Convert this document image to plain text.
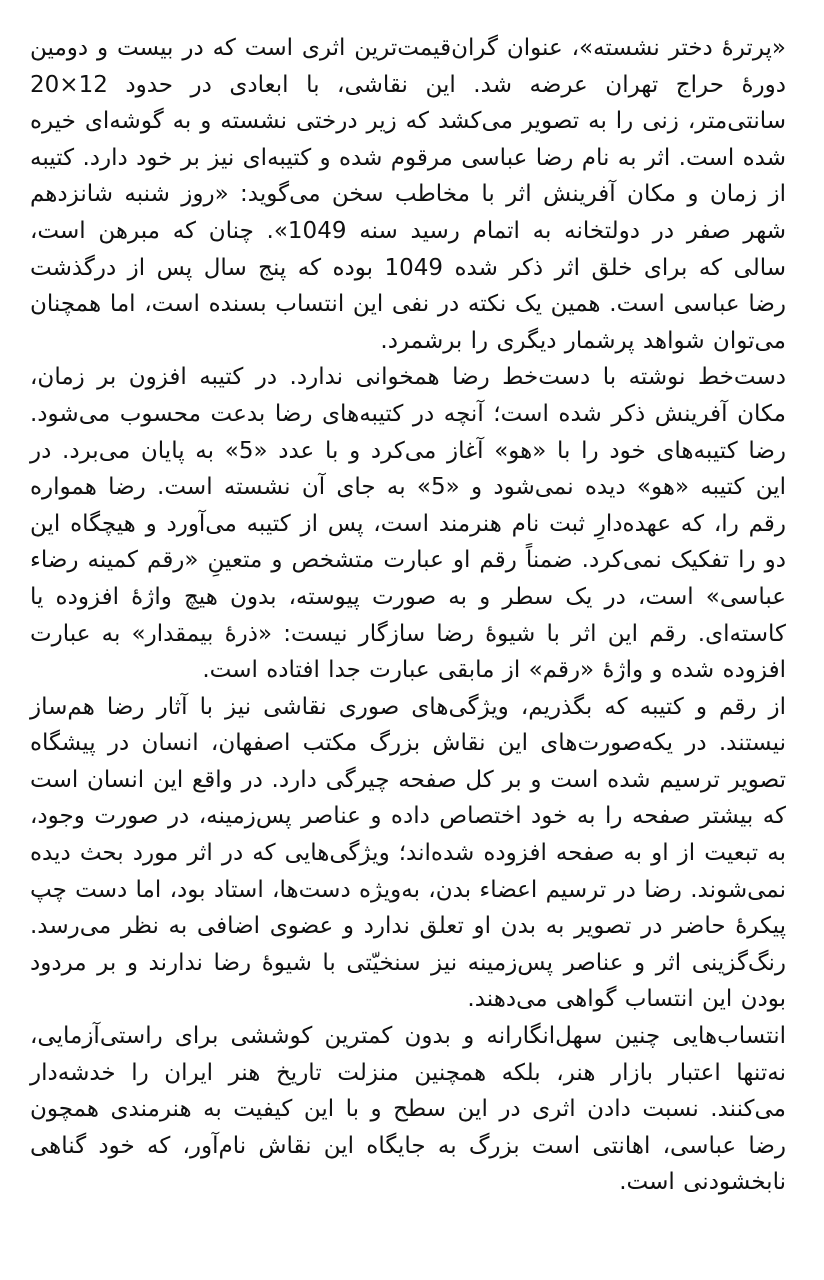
«پرترهٔ دختر نشسته»، عنوان گران‌قیمت‌ترین اثری است که در بیست و دومین دورهٔ حراج تهران عرضه شد. این نقاشی، با ابعادی در حدود 12×20 سانتی‌متر، زنی را به تصویر می‌کشد که زیر درختی نشسته و به گوشه‌ای خیره شده است. اثر به نام رضا عباسی مرقوم شده و کتیبه‌ای نیز بر خود دارد. کتیبه از زمان و مکان آفرینش اثر با مخاطب سخن می‌گوید: «روز شنبه شانزدهم شهر صفر در دولتخانه به اتمام رسید سنه 1049». چنان که مبرهن است، سالی که برای خلق اثر ذکر شده 1049 بوده که پنج سال پس از درگذشت رضا عباسی است. همین یک نکته در نفی این انتساب بسنده است، اما همچنان می‌توان شواهد پرشمار دیگری را برشمرد.

دست‌خط نوشته با دست‌خط رضا همخوانی ندارد. در کتیبه افزون بر زمان، مکان آفرینش ذکر شده است؛ آنچه در کتیبه‌های رضا بدعت محسوب می‌شود. رضا کتیبه‌های خود را با «هو» آغاز می‌کرد و با عدد «5» به پایان می‌برد. در این کتیبه «هو» دیده نمی‌شود و «5» به جای آن نشسته است. رضا همواره رقم را، که عهده‌دارِ ثبت نام هنرمند است، پس از کتیبه می‌آورد و هیچگاه این دو را تفکیک نمی‌کرد. ضمناً رقم او عبارت متشخص و متعینِ «رقم کمینه رضاء عباسی» است، در یک سطر و به صورت پیوسته، بدون هیچ واژهٔ افزوده یا کاسته‌ای. رقم این اثر با شیوهٔ رضا سازگار نیست: «ذرهٔ بیمقدار» به عبارت افزوده شده و واژهٔ «رقم» از مابقی عبارت جدا افتاده است.

از رقم و کتیبه که بگذریم، ویژگی‌های صوری نقاشی نیز با آثار رضا هم‌ساز نیستند. در یکه‌صورت‌های این نقاش بزرگ مکتب اصفهان، انسان در پیشگاه تصویر ترسیم شده است و بر کل صفحه چیرگی دارد. در واقع این انسان است که بیشتر صفحه را به خود اختصاص داده و عناصر پس‌زمینه، در صورت وجود، به تبعیت از او به صفحه افزوده شده‌اند؛ ویژگی‌هایی که در اثر مورد بحث دیده نمی‌شوند. رضا در ترسیم اعضاء بدن، به‌ویژه دست‌ها، استاد بود، اما دست چپ پیکرهٔ حاضر در تصویر به بدن او تعلق ندارد و عضوی اضافی به نظر می‌رسد. رنگ‌گزینی اثر و عناصر پس‌زمینه نیز سنخیّتی با شیوهٔ رضا ندارند و بر مردود بودن این انتساب گواهی می‌دهند.

انتساب‌هایی چنین سهل‌انگارانه و بدون کمترین کوششی برای راستی‌آزمایی، نه‌تنها اعتبار بازار هنر، بلکه همچنین منزلت تاریخ هنر ایران را خدشه‌دار می‌کنند. نسبت دادن اثری در این سطح و با این کیفیت به هنرمندی همچون رضا عباسی، اهانتی است بزرگ به جایگاه این نقاش نام‌آور، که خود گناهی نابخشودنی است.
